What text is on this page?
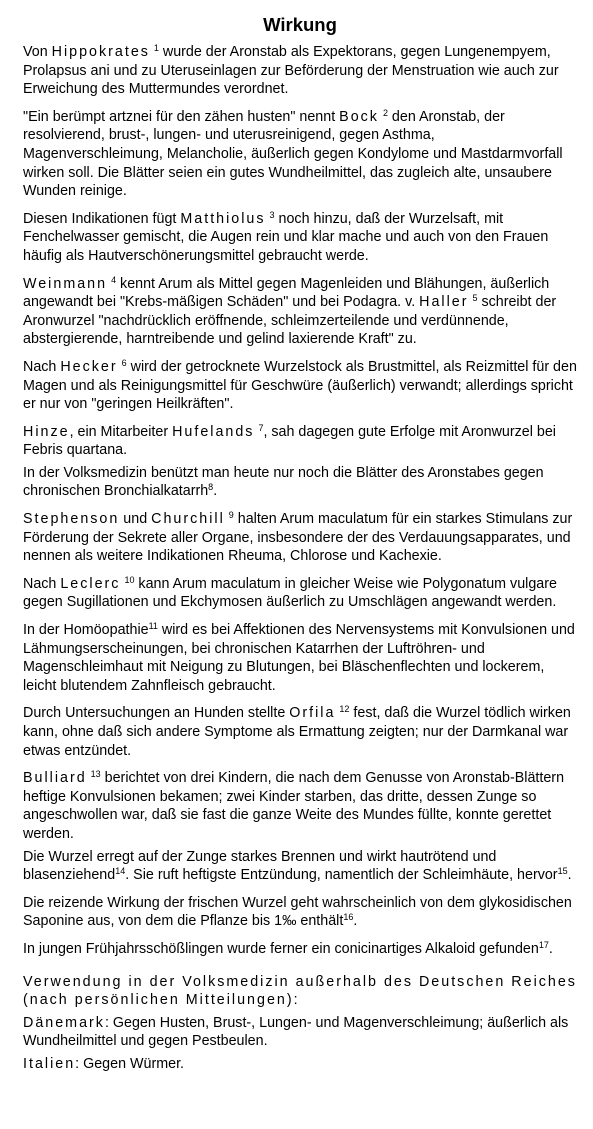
Wirkung

Von Hippokrates $^1$ wurde der Aronstab als Expektorans, gegen Lungenempyem, Prolapsus ani und zu Uteruseinlagen zur Beförderung der Menstruation wie auch zur Erweichung des Muttermundes verordnet.

"Ein berümpt artznei für den zähen husten" nennt Bock $^2$ den Aronstab, der resolvierend, brust-, lungen- und uterusreinigend, gegen Asthma, Magenverschleimung, Melancholie, äußerlich gegen Kondylome und Mastdarmvorfall wirken soll. Die Blätter seien ein gutes Wundheilmittel, das zugleich alte, unsaubere Wunden reinige.

Diesen Indikationen fügt Matthiolus $^3$ noch hinzu, daß der Wurzelsaft, mit Fenchelwasser gemischt, die Augen rein und klar mache und auch von den Frauen häufig als Hautverschönerungsmittel gebraucht werde.

Weinmann $^4$ kennt Arum als Mittel gegen Magenleiden und Blähungen, äußerlich angewandt bei "Krebs-mäßigen Schäden" und bei Podagra. v. Haller $^5$ schreibt der Aronwurzel "nachdrücklich eröffnende, schleimzerteilende und verdünnende, abstergierende, harntreibende und gelind laxierende Kraft" zu.

Nach Hecker $^6$ wird der getrocknete Wurzelstock als Brustmittel, als Reizmittel für den Magen und als Reinigungsmittel für Geschwüre (äußerlich) verwandt; allerdings spricht er nur von "geringen Heilkräften".

Hinze, ein Mitarbeiter Hufelands $^7$, sah dagegen gute Erfolge mit Aronwurzel bei Febris quartana.

In der Volksmedizin benützt man heute nur noch die Blätter des Aronstabes gegen chronischen Bronchialkatarrh$^8$.

Stephenson und Churchill $^9$ halten Arum maculatum für ein starkes Stimulans zur Förderung der Sekrete aller Organe, insbesondere der des Verdauungsapparates, und nennen als weitere Indikationen Rheuma, Chlorose und Kachexie.

Nach Leclerc $^{10}$ kann Arum maculatum in gleicher Weise wie Polygonatum vulgare gegen Sugillationen und Ekchymosen äußerlich zu Umschlägen angewandt werden.

In der Homöopathie$^{11}$ wird es bei Affektionen des Nervensystems mit Konvulsionen und Lähmungserscheinungen, bei chronischen Katarrhen der Luftröhren- und Magenschleimhaut mit Neigung zu Blutungen, bei Bläschenflechten und lockerem, leicht blutendem Zahnfleisch gebraucht.

Durch Untersuchungen an Hunden stellte Orfila $^{12}$ fest, daß die Wurzel tödlich wirken kann, ohne daß sich andere Symptome als Ermattung zeigten; nur der Darmkanal war etwas entzündet.

Bulliard $^{13}$ berichtet von drei Kindern, die nach dem Genusse von Aronstab-Blättern heftige Konvulsionen bekamen; zwei Kinder starben, das dritte, dessen Zunge so angeschwollen war, daß sie fast die ganze Weite des Mundes füllte, konnte gerettet werden.

Die Wurzel erregt auf der Zunge starkes Brennen und wirkt hautrötend und blasenziehend$^{14}$. Sie ruft heftigste Entzündung, namentlich der Schleimhäute, hervor$^{15}$.

Die reizende Wirkung der frischen Wurzel geht wahrscheinlich von dem glykosidischen Saponine aus, von dem die Pflanze bis 1‰ enthält$^{16}$.

In jungen Frühjahrsschößlingen wurde ferner ein conicinartiges Alkaloid gefunden$^{17}$.

Verwendung in der Volksmedizin außerhalb des Deutschen Reiches (nach persönlichen Mitteilungen):

Dänemark: Gegen Husten, Brust-, Lungen- und Magenverschleimung; äußerlich als Wundheilmittel und gegen Pestbeulen.

Italien: Gegen Würmer.
